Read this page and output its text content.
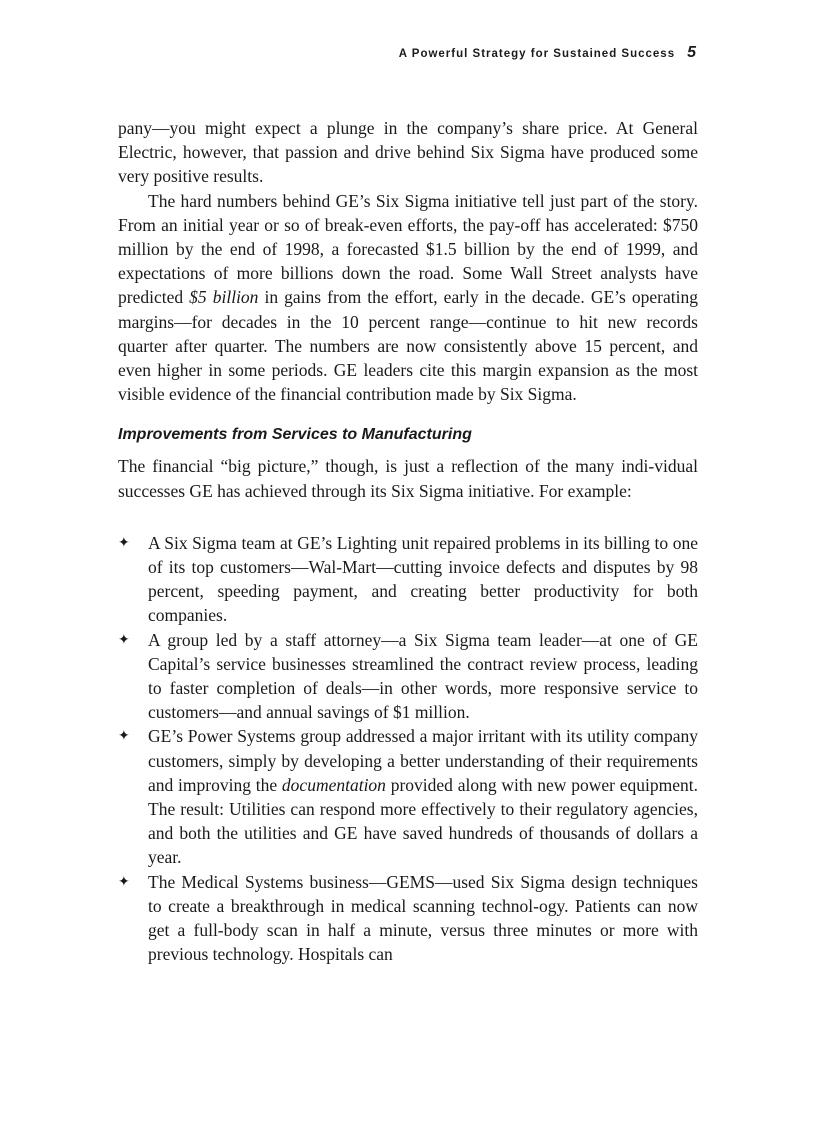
A Powerful Strategy for Sustained Success 5

pany—you might expect a plunge in the company’s share price. At General Electric, however, that passion and drive behind Six Sigma have produced some very positive results.

The hard numbers behind GE’s Six Sigma initiative tell just part of the story. From an initial year or so of break-even efforts, the pay-off has accelerated: $750 million by the end of 1998, a forecasted $1.5 billion by the end of 1999, and expectations of more billions down the road. Some Wall Street analysts have predicted $5 billion in gains from the effort, early in the decade. GE’s operating margins—for decades in the 10 percent range—continue to hit new records quarter after quarter. The numbers are now consistently above 15 percent, and even higher in some periods. GE leaders cite this margin expansion as the most visible evidence of the financial contribution made by Six Sigma.

Improvements from Services to Manufacturing

The financial “big picture,” though, is just a reflection of the many indi-vidual successes GE has achieved through its Six Sigma initiative. For example:

✦ A Six Sigma team at GE’s Lighting unit repaired problems in its billing to one of its top customers—Wal-Mart—cutting invoice defects and disputes by 98 percent, speeding payment, and creating better productivity for both companies.
✦ A group led by a staff attorney—a Six Sigma team leader—at one of GE Capital’s service businesses streamlined the contract review process, leading to faster completion of deals—in other words, more responsive service to customers—and annual savings of $1 million.
✦ GE’s Power Systems group addressed a major irritant with its utility company customers, simply by developing a better understanding of their requirements and improving the documentation provided along with new power equipment. The result: Utilities can respond more effectively to their regulatory agencies, and both the utilities and GE have saved hundreds of thousands of dollars a year.
✦ The Medical Systems business—GEMS—used Six Sigma design techniques to create a breakthrough in medical scanning technol-ogy. Patients can now get a full-body scan in half a minute, versus three minutes or more with previous technology. Hospitals can
